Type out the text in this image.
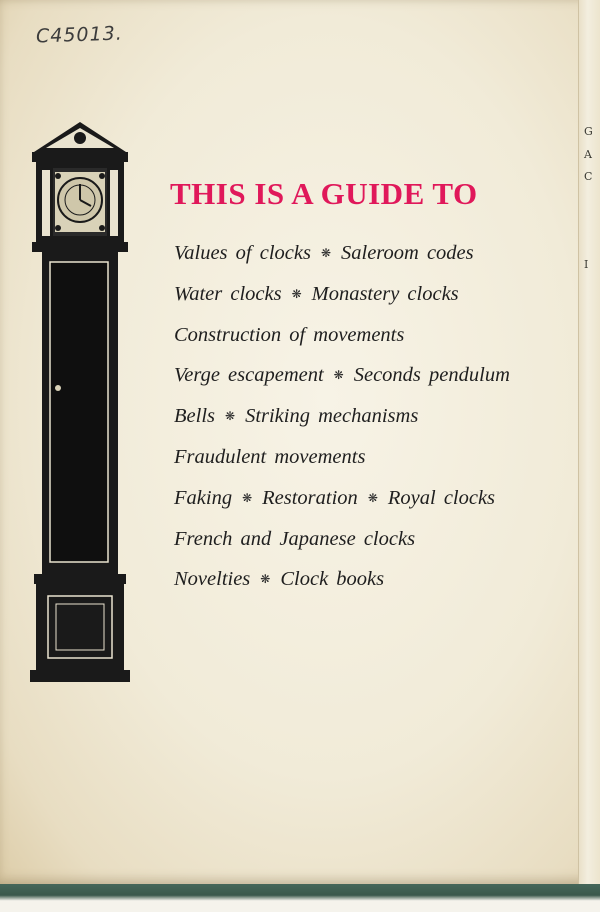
G
A
C
I
C45013.
THIS IS A GUIDE TO
Values of clocks ❋ Saleroom codes
Water clocks ❋ Monastery clocks
Construction of movements
Verge escapement ❋ Seconds pendulum
Bells ❋ Striking mechanisms
Fraudulent movements
Faking ❋ Restoration ❋ Royal clocks
French and Japanese clocks
Novelties ❋ Clock books
